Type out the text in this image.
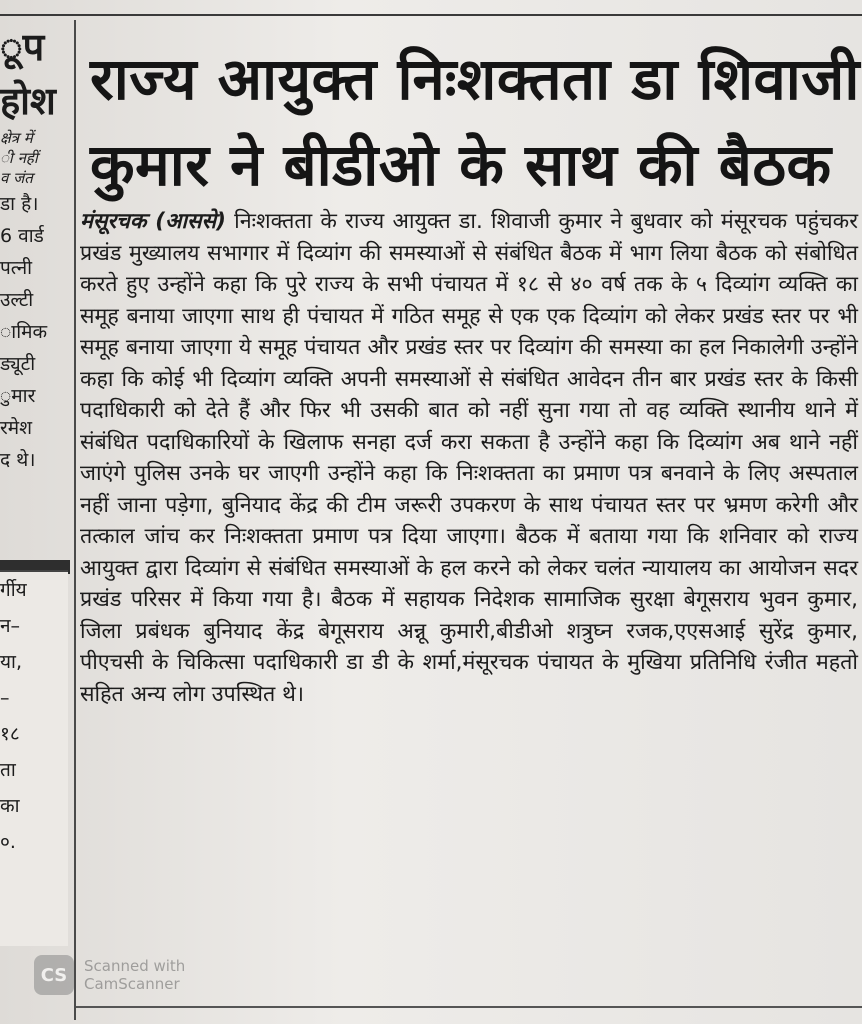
ूप
होश
क्षेत्र में
ी नहीं
व जंत
डा है।
6 वार्ड
पत्नी
उल्टी
ामिक
ड्यूटी
ुमार
रमेश
द थे।
र्गीय
न–
या,
–
१८
ता
का
०.
राज्य आयुक्त निःशक्तता डा शिवाजी कुमार ने बीडीओ के साथ की बैठक
मंसूरचक (आससे) निःशक्तता के राज्य आयुक्त डा. शिवाजी कुमार ने बुधवार को मंसूरचक पहुंचकर प्रखंड मुख्यालय सभागार में दिव्यांग की समस्याओं से संबंधित बैठक में भाग लिया बैठक को संबोधित करते हुए उन्होंने कहा कि पुरे राज्य के सभी पंचायत में १८ से ४० वर्ष तक के ५ दिव्यांग व्यक्ति का समूह बनाया जाएगा साथ ही पंचायत में गठित समूह से एक एक दिव्यांग को लेकर प्रखंड स्तर पर भी समूह बनाया जाएगा ये समूह पंचायत और प्रखंड स्तर पर दिव्यांग की समस्या का हल निकालेगी उन्होंने कहा कि कोई भी दिव्यांग व्यक्ति अपनी समस्याओं से संबंधित आवेदन तीन बार प्रखंड स्तर के किसी पदाधिकारी को देते हैं और फिर भी उसकी बात को नहीं सुना गया तो वह व्यक्ति स्थानीय थाने में संबंधित पदाधिकारियों के खिलाफ सनहा दर्ज करा सकता है उन्होंने कहा कि दिव्यांग अब थाने नहीं जाएंगे पुलिस उनके घर जाएगी उन्होंने कहा कि निःशक्तता का प्रमाण पत्र बनवाने के लिए अस्पताल नहीं जाना पड़ेगा, बुनियाद केंद्र की टीम जरूरी उपकरण के साथ पंचायत स्तर पर भ्रमण करेगी और तत्काल जांच कर निःशक्तता प्रमाण पत्र दिया जाएगा। बैठक में बताया गया कि शनिवार को राज्य आयुक्त द्वारा दिव्यांग से संबंधित समस्याओं के हल करने को लेकर चलंत न्यायालय का आयोजन सदर प्रखंड परिसर में किया गया है। बैठक में सहायक निदेशक सामाजिक सुरक्षा बेगूसराय भुवन कुमार, जिला प्रबंधक बुनियाद केंद्र बेगूसराय अन्नू कुमारी,बीडीओ शत्रुघ्न रजक,एएसआई सुरेंद्र कुमार, पीएचसी के चिकित्सा पदाधिकारी डा डी के शर्मा,मंसूरचक पंचायत के मुखिया प्रतिनिधि रंजीत महतो सहित अन्य लोग उपस्थित थे।
CS	Scanned with
CamScanner
